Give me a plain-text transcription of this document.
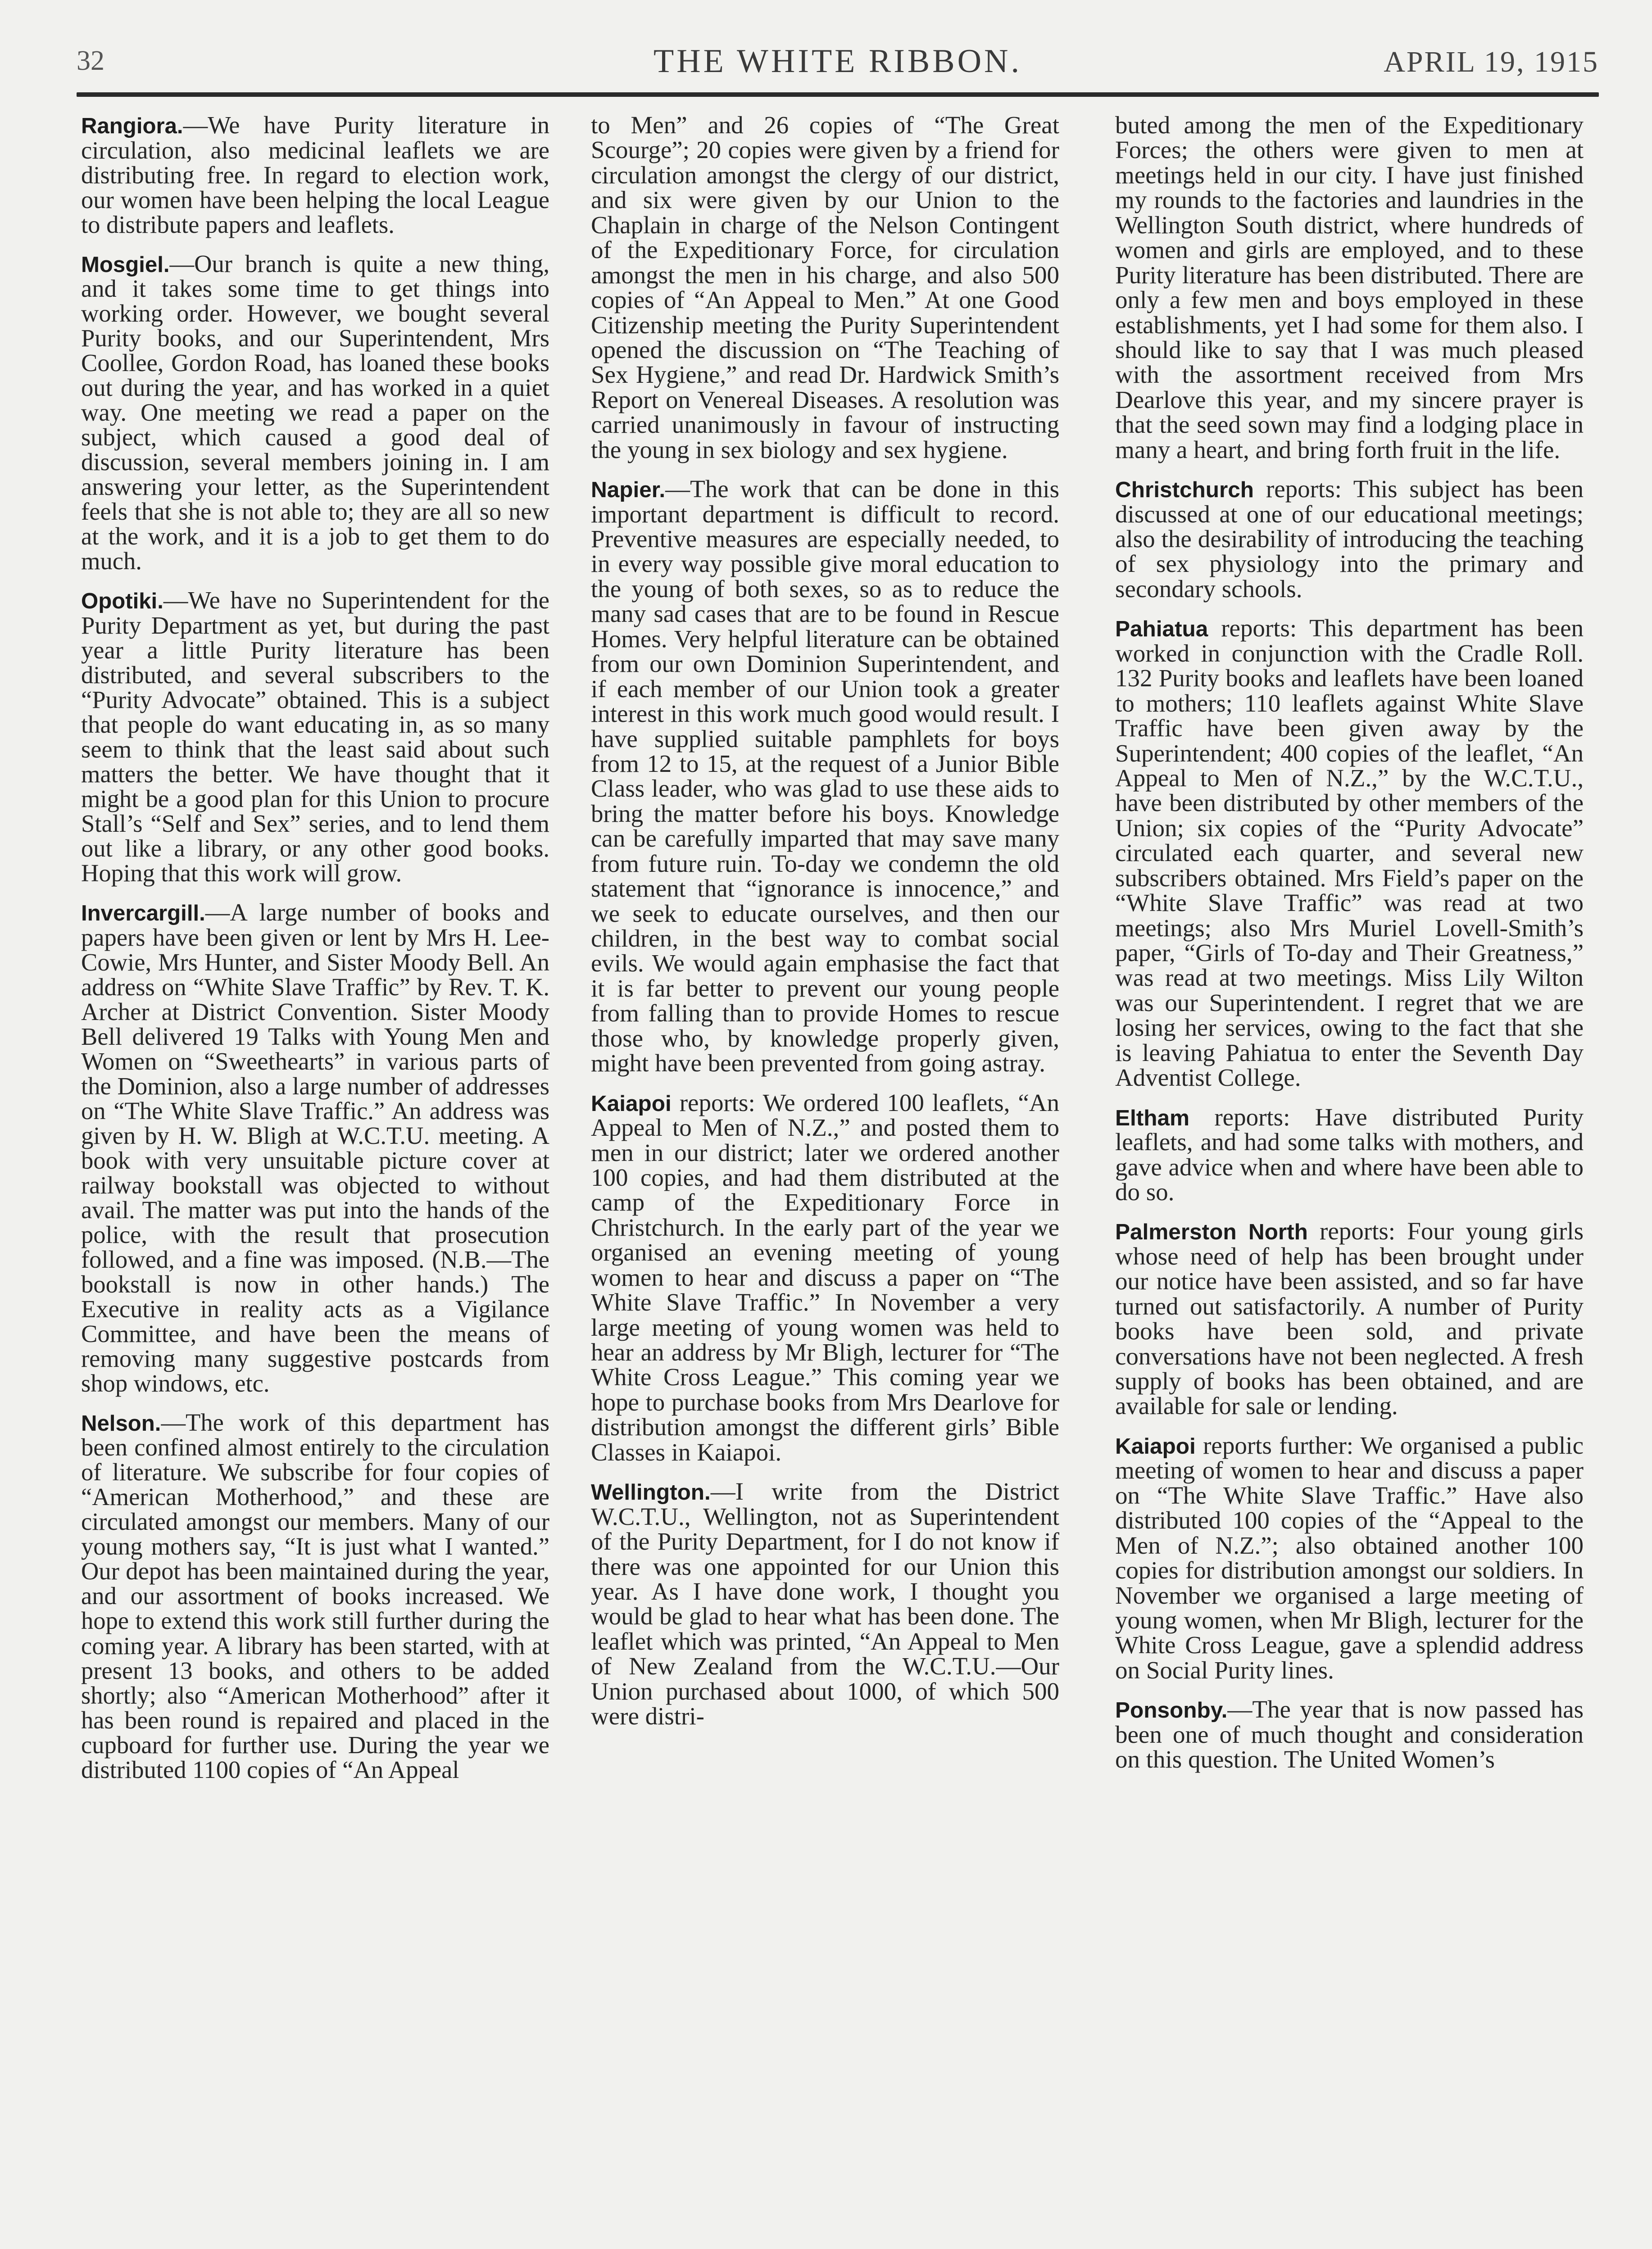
32	THE WHITE RIBBON.	APRIL 19, 1915

Rangiora.—We have Purity literature in circulation, also medicinal leaflets we are distributing free. In regard to election work, our women have been helping the local League to distribute papers and leaflets.

Mosgiel.—Our branch is quite a new thing, and it takes some time to get things into working order. However, we bought several Purity books, and our Superintendent, Mrs Coollee, Gordon Road, has loaned these books out during the year, and has worked in a quiet way. One meeting we read a paper on the subject, which caused a good deal of discussion, several members joining in. I am answering your letter, as the Superintendent feels that she is not able to; they are all so new at the work, and it is a job to get them to do much.

Opotiki.—We have no Superintendent for the Purity Department as yet, but during the past year a little Purity literature has been distributed, and several subscribers to the “Purity Advocate” obtained. This is a subject that people do want educating in, as so many seem to think that the least said about such matters the better. We have thought that it might be a good plan for this Union to procure Stall’s “Self and Sex” series, and to lend them out like a library, or any other good books. Hoping that this work will grow.

Invercargill.—A large number of books and papers have been given or lent by Mrs H. Lee-Cowie, Mrs Hunter, and Sister Moody Bell. An address on “White Slave Traffic” by Rev. T. K. Archer at District Convention. Sister Moody Bell delivered 19 Talks with Young Men and Women on “Sweethearts” in various parts of the Dominion, also a large number of addresses on “The White Slave Traffic.” An address was given by H. W. Bligh at W.C.T.U. meeting. A book with very unsuitable picture cover at railway bookstall was objected to without avail. The matter was put into the hands of the police, with the result that prosecution followed, and a fine was imposed. (N.B.—The bookstall is now in other hands.) The Executive in reality acts as a Vigilance Committee, and have been the means of removing many suggestive postcards from shop windows, etc.

Nelson.—The work of this department has been confined almost entirely to the circulation of literature. We subscribe for four copies of “American Motherhood,” and these are circulated amongst our members. Many of our young mothers say, “It is just what I wanted.” Our depot has been maintained during the year, and our assortment of books increased. We hope to extend this work still further during the coming year. A library has been started, with at present 13 books, and others to be added shortly; also “American Motherhood” after it has been round is repaired and placed in the cupboard for further use. During the year we distributed 1100 copies of “An Appeal

to Men” and 26 copies of “The Great Scourge”; 20 copies were given by a friend for circulation amongst the clergy of our district, and six were given by our Union to the Chaplain in charge of the Nelson Contingent of the Expeditionary Force, for circulation amongst the men in his charge, and also 500 copies of “An Appeal to Men.” At one Good Citizenship meeting the Purity Superintendent opened the discussion on “The Teaching of Sex Hygiene,” and read Dr. Hardwick Smith’s Report on Venereal Diseases. A resolution was carried unanimously in favour of instructing the young in sex biology and sex hygiene.

Napier.—The work that can be done in this important department is difficult to record. Preventive measures are especially needed, to in every way possible give moral education to the young of both sexes, so as to reduce the many sad cases that are to be found in Rescue Homes. Very helpful literature can be obtained from our own Dominion Superintendent, and if each member of our Union took a greater interest in this work much good would result. I have supplied suitable pamphlets for boys from 12 to 15, at the request of a Junior Bible Class leader, who was glad to use these aids to bring the matter before his boys. Knowledge can be carefully imparted that may save many from future ruin. To-day we condemn the old statement that “ignorance is innocence,” and we seek to educate ourselves, and then our children, in the best way to combat social evils. We would again emphasise the fact that it is far better to prevent our young people from falling than to provide Homes to rescue those who, by knowledge properly given, might have been prevented from going astray.

Kaiapoi reports: We ordered 100 leaflets, “An Appeal to Men of N.Z.,” and posted them to men in our district; later we ordered another 100 copies, and had them distributed at the camp of the Expeditionary Force in Christchurch. In the early part of the year we organised an evening meeting of young women to hear and discuss a paper on “The White Slave Traffic.” In November a very large meeting of young women was held to hear an address by Mr Bligh, lecturer for “The White Cross League.” This coming year we hope to purchase books from Mrs Dearlove for distribution amongst the different girls’ Bible Classes in Kaiapoi.

Wellington.—I write from the District W.C.T.U., Wellington, not as Superintendent of the Purity Department, for I do not know if there was one appointed for our Union this year. As I have done work, I thought you would be glad to hear what has been done. The leaflet which was printed, “An Appeal to Men of New Zealand from the W.C.T.U.—Our Union purchased about 1000, of which 500 were distri-

buted among the men of the Expeditionary Forces; the others were given to men at meetings held in our city. I have just finished my rounds to the factories and laundries in the Wellington South district, where hundreds of women and girls are employed, and to these Purity literature has been distributed. There are only a few men and boys employed in these establishments, yet I had some for them also. I should like to say that I was much pleased with the assortment received from Mrs Dearlove this year, and my sincere prayer is that the seed sown may find a lodging place in many a heart, and bring forth fruit in the life.

Christchurch reports: This subject has been discussed at one of our educational meetings; also the desirability of introducing the teaching of sex physiology into the primary and secondary schools.

Pahiatua reports: This department has been worked in conjunction with the Cradle Roll. 132 Purity books and leaflets have been loaned to mothers; 110 leaflets against White Slave Traffic have been given away by the Superintendent; 400 copies of the leaflet, “An Appeal to Men of N.Z.,” by the W.C.T.U., have been distributed by other members of the Union; six copies of the “Purity Advocate” circulated each quarter, and several new subscribers obtained. Mrs Field’s paper on the “White Slave Traffic” was read at two meetings; also Mrs Muriel Lovell-Smith’s paper, “Girls of To-day and Their Greatness,” was read at two meetings. Miss Lily Wilton was our Superintendent. I regret that we are losing her services, owing to the fact that she is leaving Pahiatua to enter the Seventh Day Adventist College.

Eltham reports: Have distributed Purity leaflets, and had some talks with mothers, and gave advice when and where have been able to do so.

Palmerston North reports: Four young girls whose need of help has been brought under our notice have been assisted, and so far have turned out satisfactorily. A number of Purity books have been sold, and private conversations have not been neglected. A fresh supply of books has been obtained, and are available for sale or lending.

Kaiapoi reports further: We organised a public meeting of women to hear and discuss a paper on “The White Slave Traffic.” Have also distributed 100 copies of the “Appeal to the Men of N.Z.”; also obtained another 100 copies for distribution amongst our soldiers. In November we organised a large meeting of young women, when Mr Bligh, lecturer for the White Cross League, gave a splendid address on Social Purity lines.

Ponsonby.—The year that is now passed has been one of much thought and consideration on this question. The United Women’s
